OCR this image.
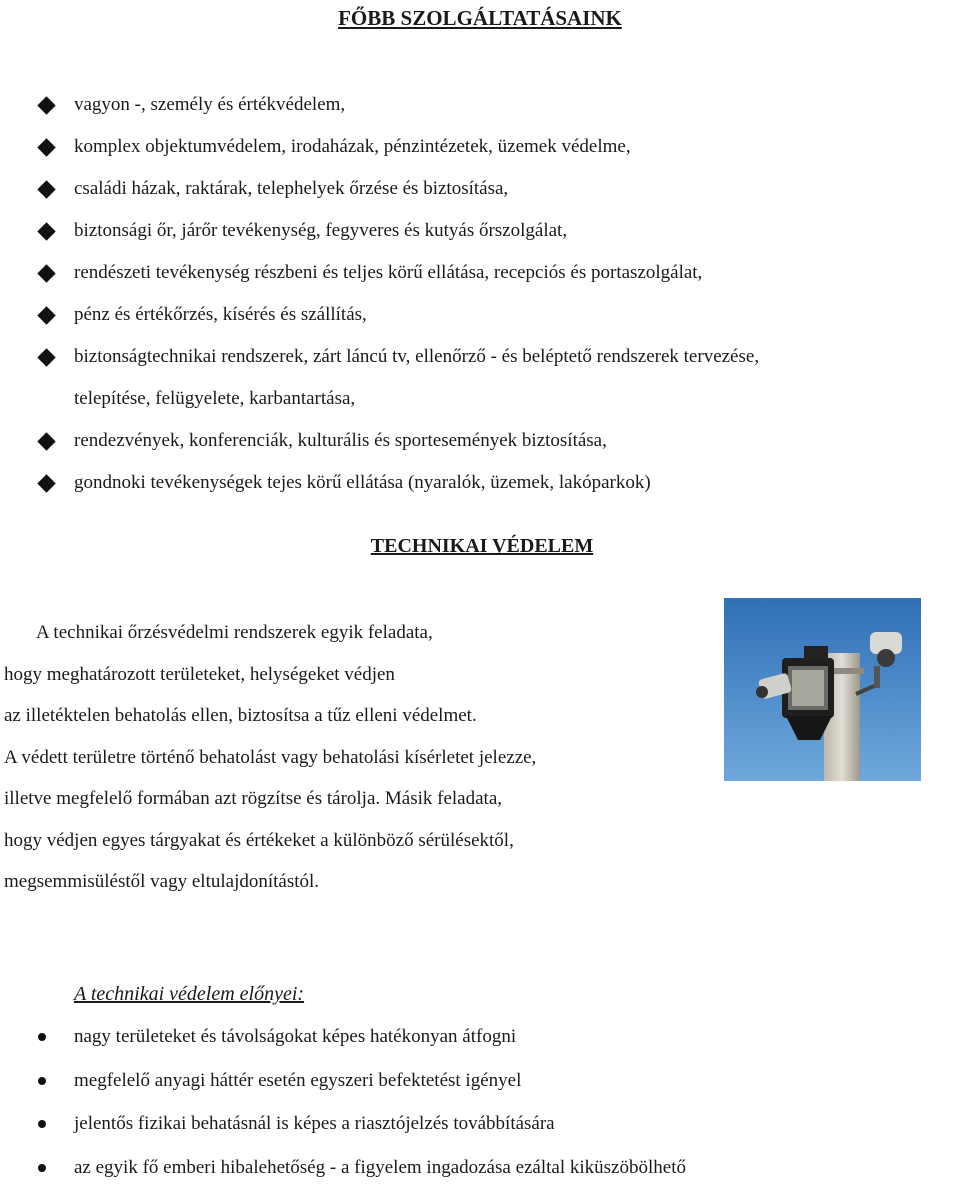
FŐBB SZOLGÁLTATÁSAINK
vagyon -, személy és értékvédelem,
komplex objektumvédelem, irodaházak, pénzintézetek, üzemek védelme,
családi házak, raktárak, telephelyek őrzése és biztosítása,
biztonsági őr, járőr tevékenység, fegyveres és kutyás őrszolgálat,
rendészeti tevékenység részbeni és teljes körű ellátása, recepciós és portaszolgálat,
pénz és értékőrzés, kísérés és szállítás,
biztonságtechnikai rendszerek, zárt láncú tv, ellenőrző - és beléptető rendszerek tervezése,
telepítése, felügyelete, karbantartása,
rendezvények, konferenciák, kulturális és sportesemények biztosítása,
gondnoki tevékenységek tejes körű ellátása (nyaralók, üzemek, lakóparkok)
TECHNIKAI VÉDELEM
A technikai őrzésvédelmi rendszerek egyik feladata,
hogy meghatározott területeket, helységeket védjen
az illetéktelen behatolás ellen, biztosítsa a tűz elleni védelmet.
A védett területre történő behatolást vagy behatolási kísérletet jelezze,
illetve megfelelő formában azt rögzítse és tárolja. Másik feladata,
hogy védjen egyes tárgyakat és értékeket a különböző sérülésektől,
megsemmisüléstől vagy eltulajdonítástól.
A technikai védelem előnyei:
nagy területeket és távolságokat képes hatékonyan átfogni
megfelelő anyagi háttér esetén egyszeri befektetést igényel
jelentős fizikai behatásnál is képes a riasztójelzés továbbítására
az egyik fő emberi hibalehetőség - a figyelem ingadozása ezáltal kiküszöbölhető
